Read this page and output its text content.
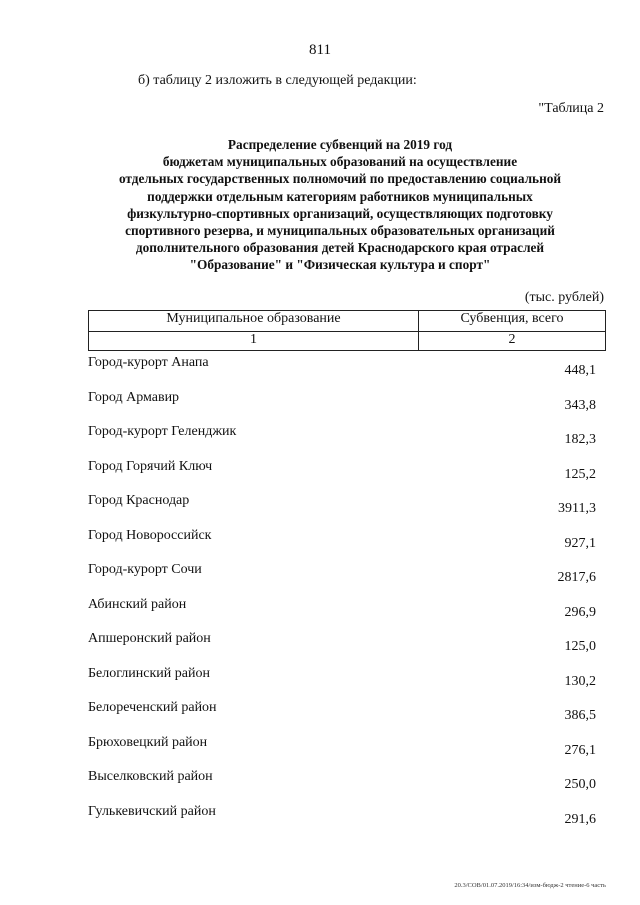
811
б) таблицу 2 изложить в следующей редакции:
"Таблица 2
Распределение субвенций на 2019 год
бюджетам муниципальных образований на осуществление
отдельных государственных полномочий по предоставлению социальной
поддержки отдельным категориям работников муниципальных
физкультурно-спортивных организаций, осуществляющих подготовку
спортивного резерва, и муниципальных образовательных организаций
дополнительного образования детей Краснодарского края отраслей
"Образование" и "Физическая культура и спорт"
(тыс. рублей)
Муниципальное образование	Субвенция, всего
1	2
Город-курорт Анапа
448,1
Город Армавир
343,8
Город-курорт Геленджик
182,3
Город Горячий Ключ
125,2
Город Краснодар
3911,3
Город Новороссийск
927,1
Город-курорт Сочи
2817,6
Абинский район
296,9
Апшеронский район
125,0
Белоглинский район
130,2
Белореченский район
386,5
Брюховецкий район
276,1
Выселковский район
250,0
Гулькевичский район
291,6
20.3/СОВ/01.07.2019/16:34/изм-бюдж-2 чтение-6 часть
